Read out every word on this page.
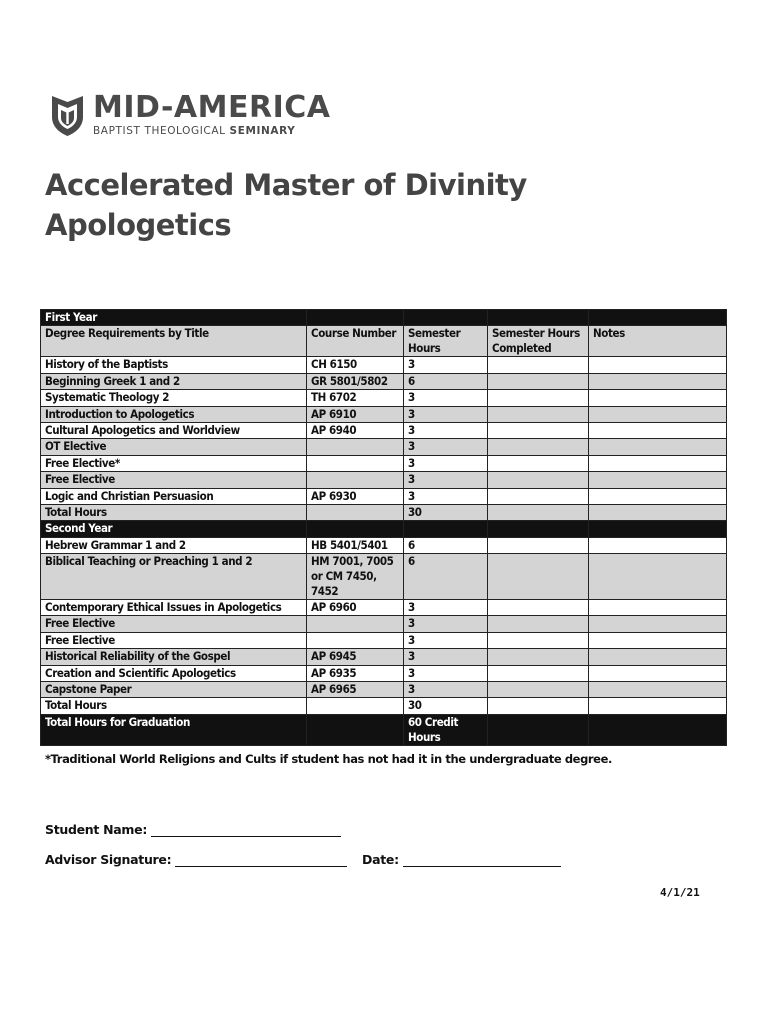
MID-AMERICA
BAPTIST THEOLOGICAL SEMINARY
Accelerated Master of Divinity
Apologetics
First Year				
Degree Requirements by Title	Course Number	Semester Hours	Semester Hours Completed	Notes
History of the Baptists	CH 6150	3		
Beginning Greek 1 and 2	GR 5801/5802	6		
Systematic Theology 2	TH 6702	3		
Introduction to Apologetics	AP 6910	3		
Cultural Apologetics and Worldview	AP 6940	3		
OT Elective		3		
Free Elective*		3		
Free Elective		3		
Logic and Christian Persuasion	AP 6930	3		
Total Hours		30		
Second Year				
Hebrew Grammar 1 and 2	HB 5401/5401	6		
Biblical Teaching or Preaching 1 and 2	HM 7001, 7005 or CM 7450, 7452	6		
Contemporary Ethical Issues in Apologetics	AP 6960	3		
Free Elective		3		
Free Elective		3		
Historical Reliability of the Gospel	AP 6945	3		
Creation and Scientific Apologetics	AP 6935	3		
Capstone Paper	AP 6965	3		
Total Hours		30		
Total Hours for Graduation		60 Credit Hours		
*Traditional World Religions and Cults if student has not had it in the undergraduate degree.
Student Name:
Advisor Signature:	Date:
4/1/21
